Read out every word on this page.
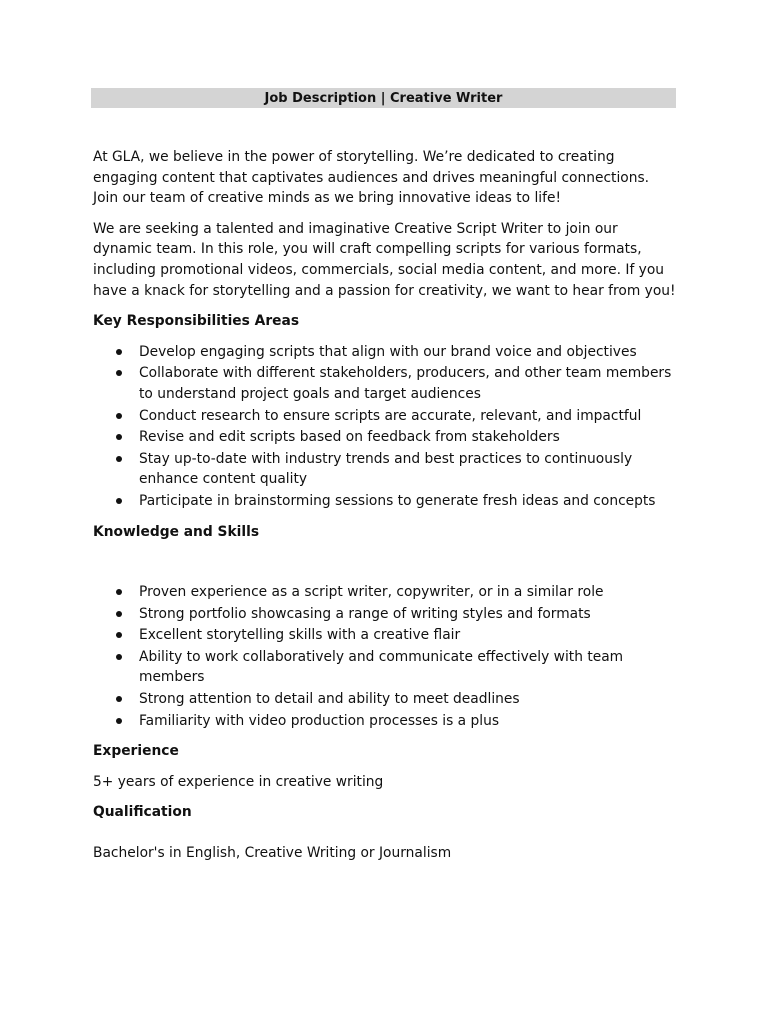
Job Description | Creative Writer

At GLA, we believe in the power of storytelling. We’re dedicated to creating engaging content that captivates audiences and drives meaningful connections. Join our team of creative minds as we bring innovative ideas to life!

We are seeking a talented and imaginative Creative Script Writer to join our dynamic team. In this role, you will craft compelling scripts for various formats, including promotional videos, commercials, social media content, and more. If you have a knack for storytelling and a passion for creativity, we want to hear from you!

Key Responsibilities Areas
Develop engaging scripts that align with our brand voice and objectives
Collaborate with different stakeholders, producers, and other team members to understand project goals and target audiences
Conduct research to ensure scripts are accurate, relevant, and impactful
Revise and edit scripts based on feedback from stakeholders
Stay up-to-date with industry trends and best practices to continuously enhance content quality
Participate in brainstorming sessions to generate fresh ideas and concepts
Knowledge and Skills
Proven experience as a script writer, copywriter, or in a similar role
Strong portfolio showcasing a range of writing styles and formats
Excellent storytelling skills with a creative flair
Ability to work collaboratively and communicate effectively with team members
Strong attention to detail and ability to meet deadlines
Familiarity with video production processes is a plus
Experience

5+ years of experience in creative writing

Qualification

Bachelor's in English, Creative Writing or Journalism
